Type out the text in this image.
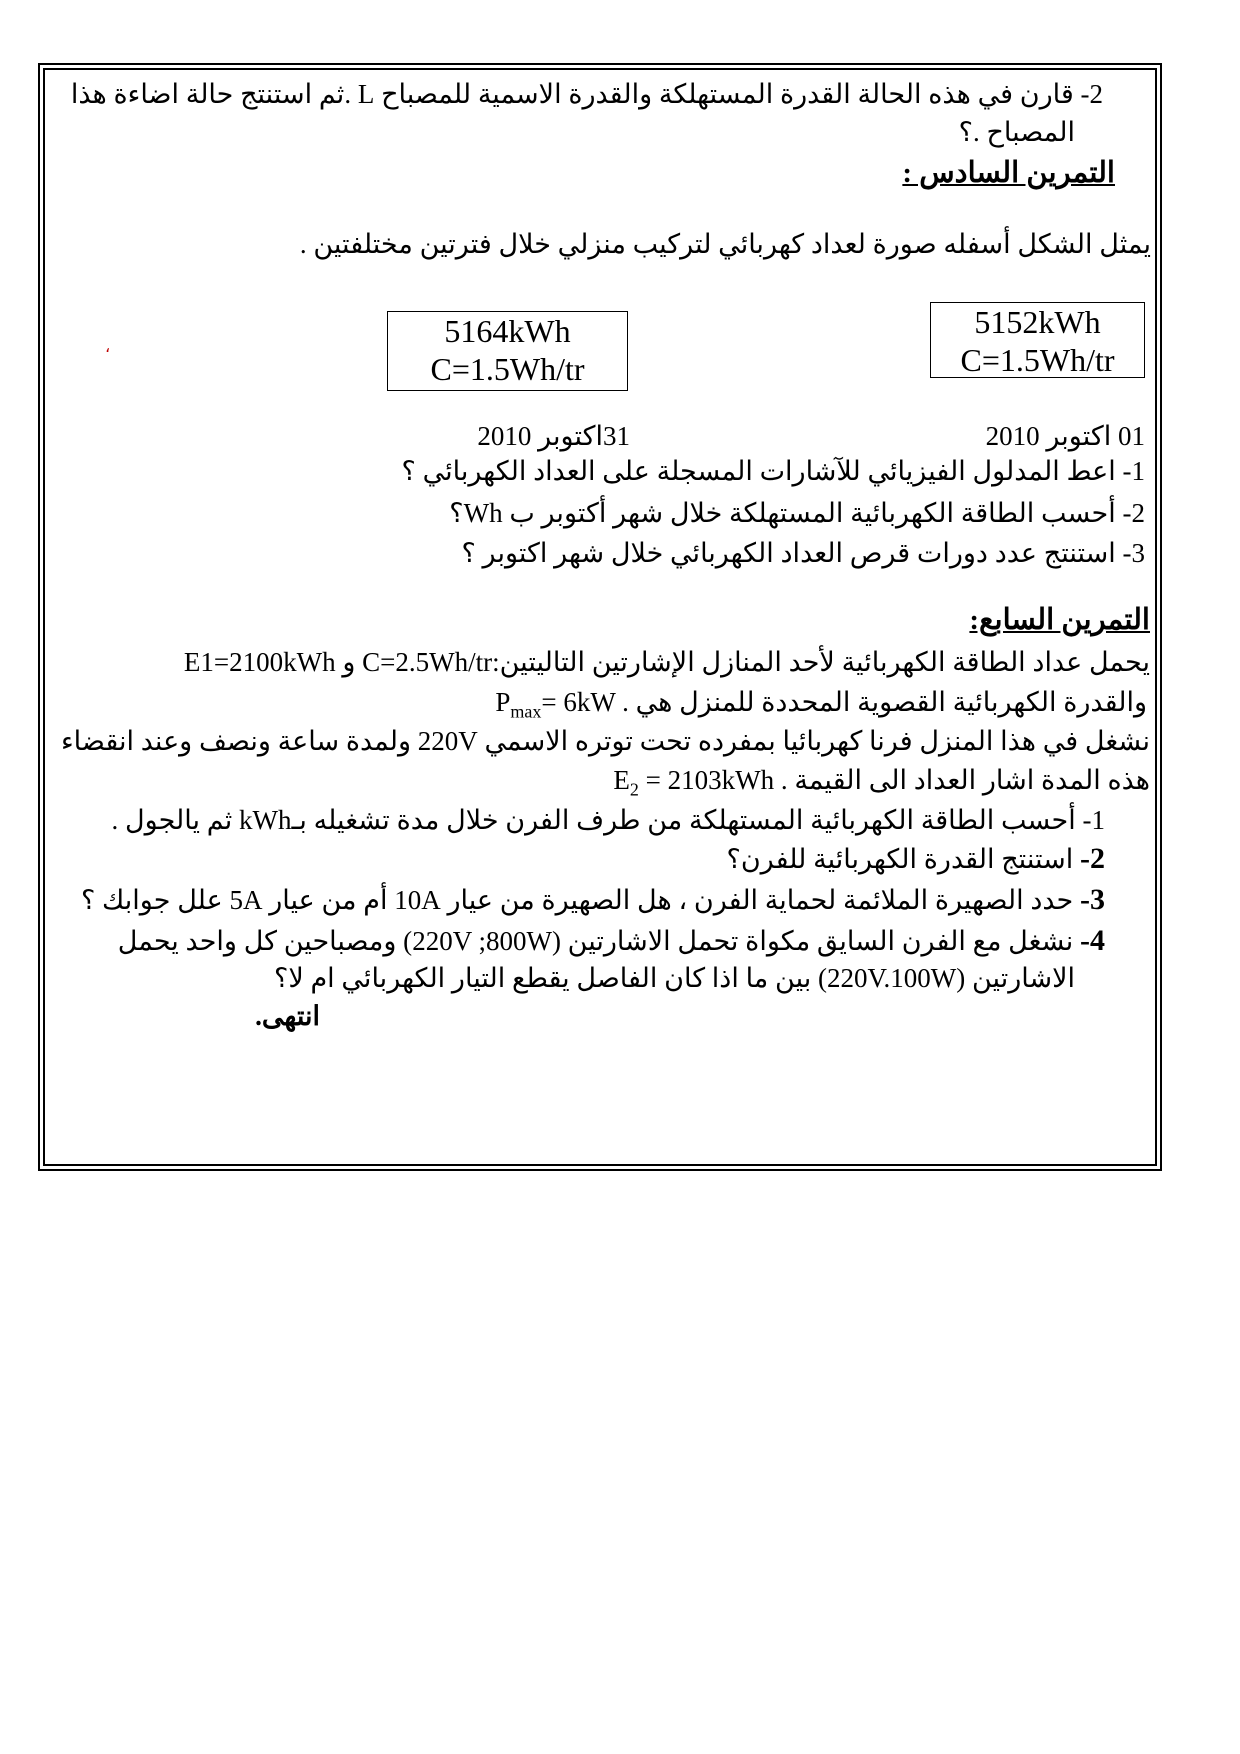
2- قارن في هذه الحالة القدرة المستهلكة والقدرة الاسمية للمصباح L .ثم استنتج حالة اضاءة هذا
المصباح .؟
التمرين السادس :
يمثل الشكل أسفله صورة لعداد كهربائي لتركيب منزلي خلال فترتين مختلفتين .
5152kWh
C=1.5Wh/tr
5164kWh
C=1.5Wh/tr
،
01 اكتوبر 2010
31اكتوبر 2010
1- اعط المدلول الفيزيائي للآشارات المسجلة على العداد الكهربائي ؟
2- أحسب الطاقة الكهربائية المستهلكة خلال شهر أكتوبر ب Wh؟
3- استنتج عدد دورات قرص العداد الكهربائي خلال شهر اكتوبر ؟
التمرين السابع:
يحمل عداد الطاقة الكهربائية لأحد المنازل الإشارتين التاليتين:C=2.5Wh/tr و E1=2100kWh
والقدرة الكهربائية القصوية المحددة للمنزل هي $P_{max}= 6kW$ .
نشغل في هذا المنزل فرنا كهربائيا بمفرده تحت توتره الاسمي 220V ولمدة ساعة ونصف وعند انقضاء
هذه المدة اشار العداد الى القيمة $E_2 = 2103kWh$ .
1- أحسب الطاقة الكهربائية المستهلكة من طرف الفرن خلال مدة تشغيله بـkWh ثم يالجول .
2- استنتج القدرة الكهربائية للفرن؟
3- حدد الصهيرة الملائمة لحماية الفرن ، هل الصهيرة من عيار 10A أم من عيار 5A علل جوابك ؟
4- نشغل مع الفرن السايق مكواة تحمل الاشارتين (220V ;800W) ومصباحين كل واحد يحمل
الاشارتين (220V.100W) بين ما اذا كان الفاصل يقطع التيار الكهربائي ام لا؟
انتهى.
